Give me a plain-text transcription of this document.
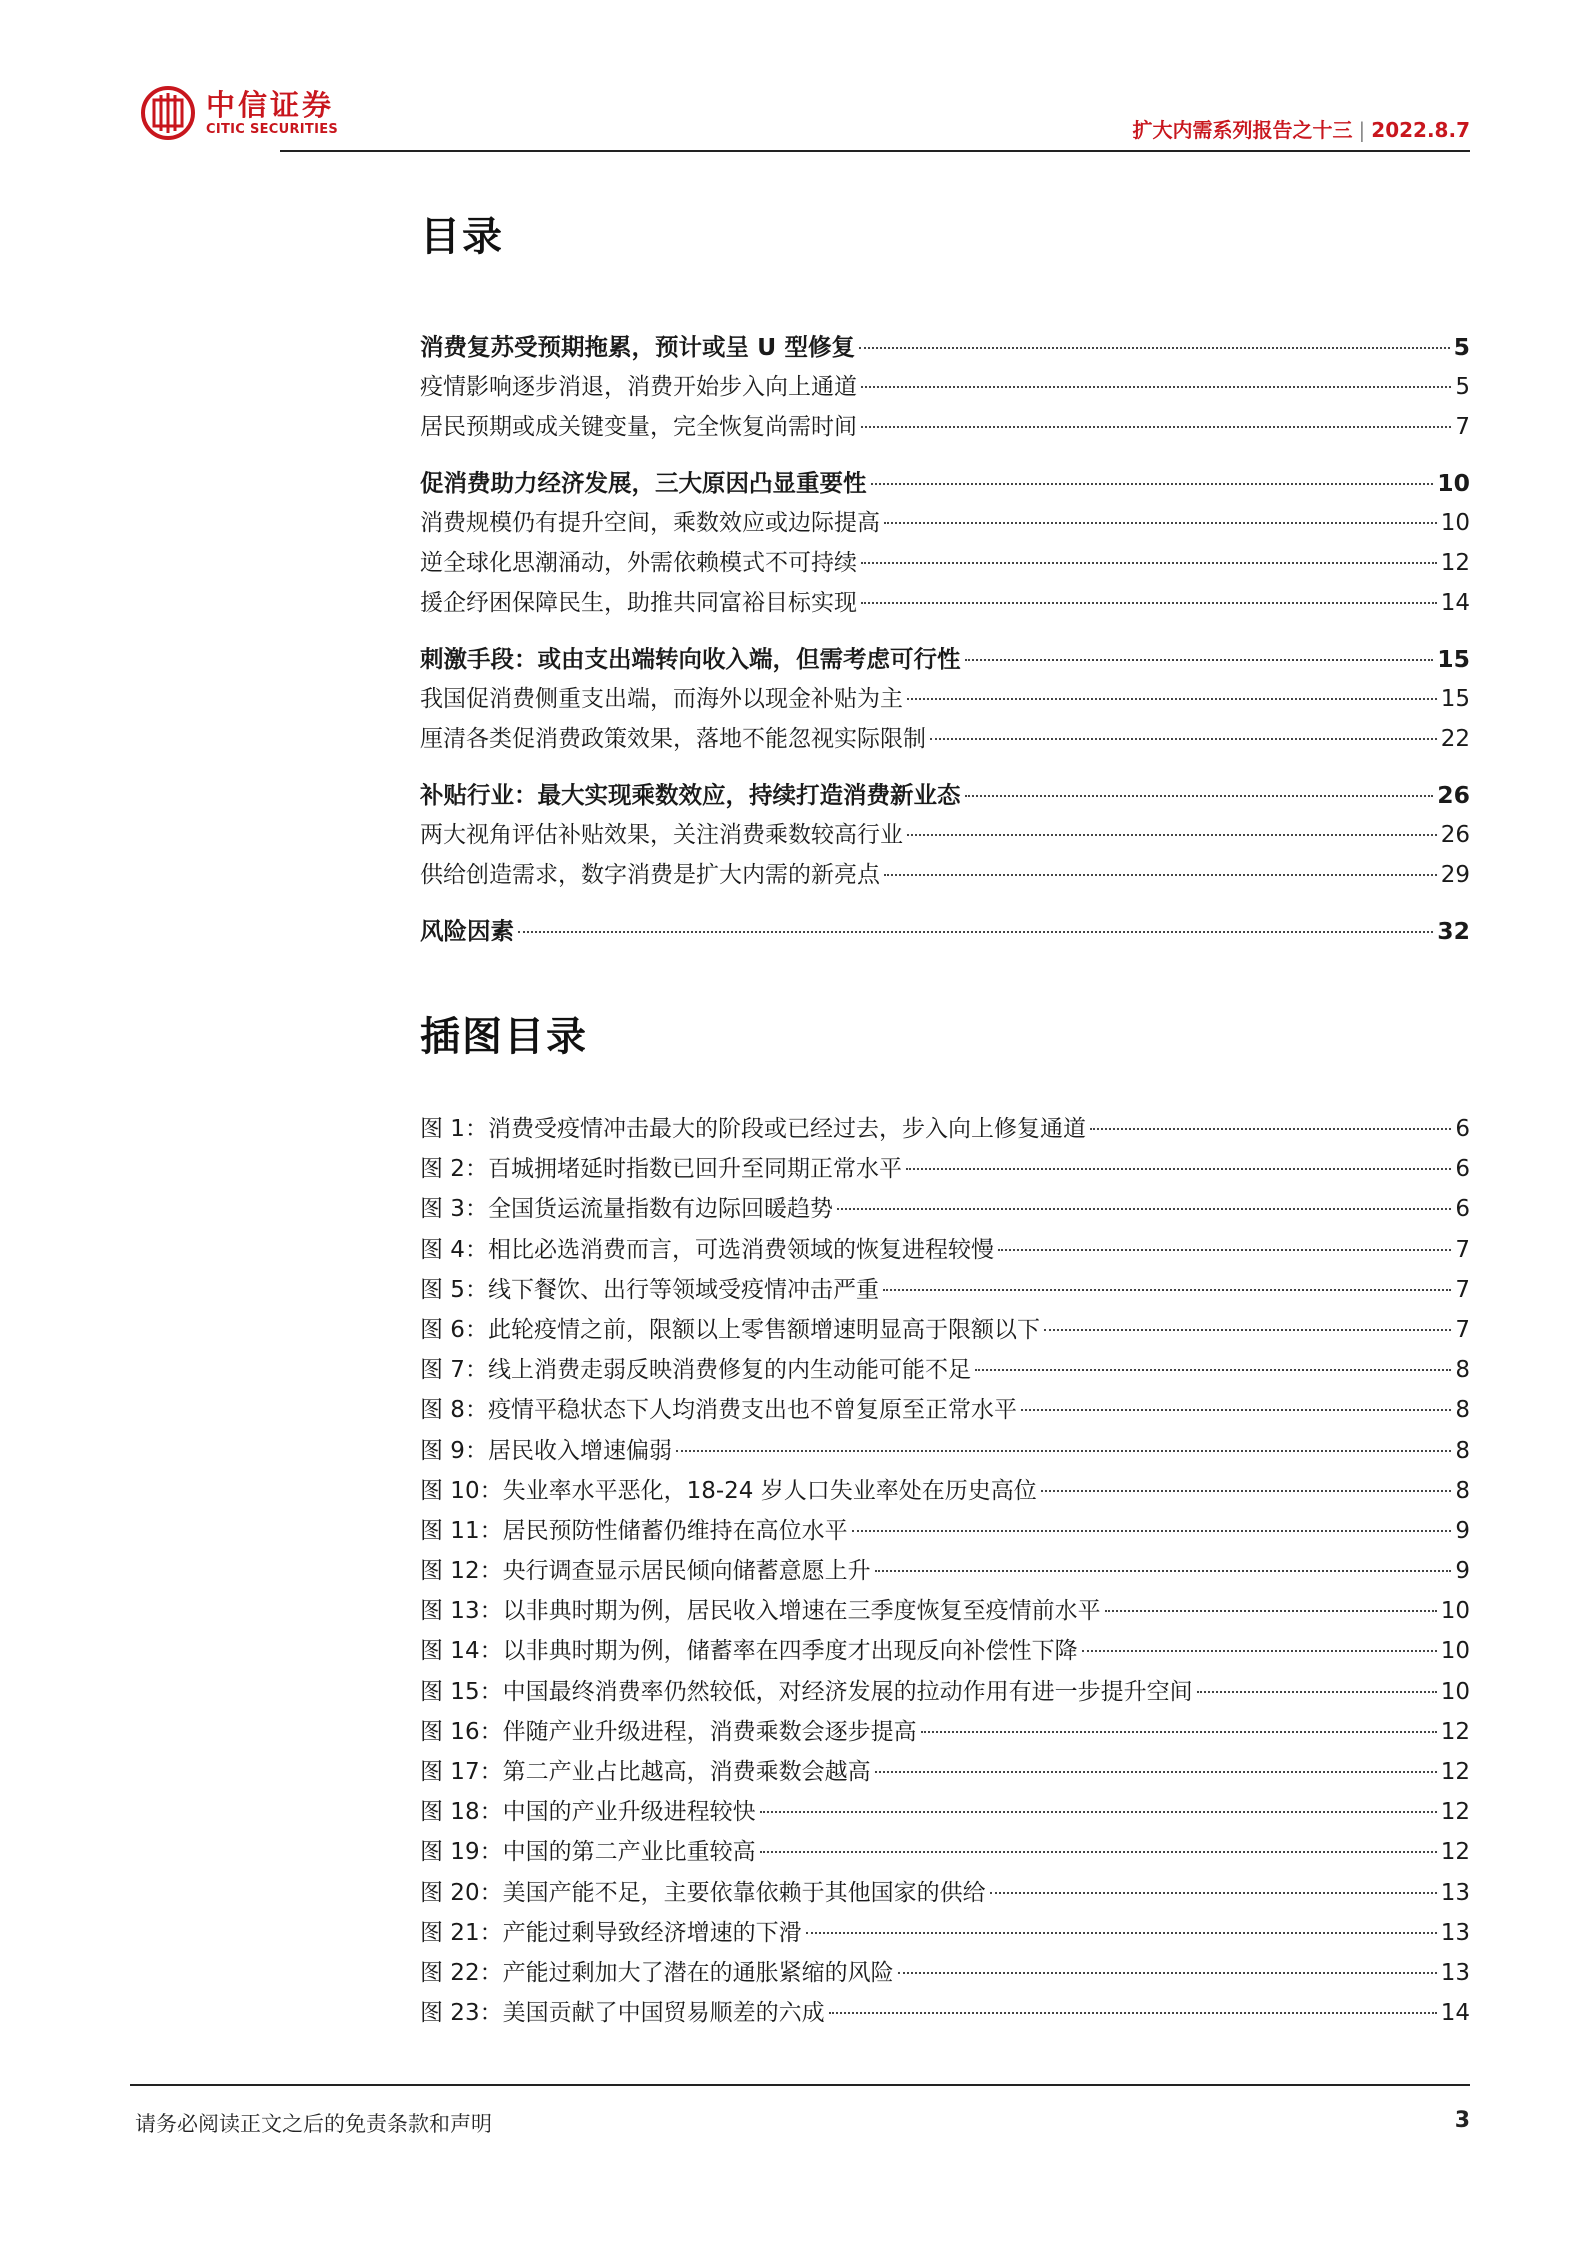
中信证券
CITIC SECURITIES	扩大内需系列报告之十三 | 2022.8.7
目录
消费复苏受预期拖累，预计或呈 U 型修复	5
疫情影响逐步消退，消费开始步入向上通道	5
居民预期或成关键变量，完全恢复尚需时间	7
促消费助力经济发展，三大原因凸显重要性	10
消费规模仍有提升空间，乘数效应或边际提高	10
逆全球化思潮涌动，外需依赖模式不可持续	12
援企纾困保障民生，助推共同富裕目标实现	14
刺激手段：或由支出端转向收入端，但需考虑可行性	15
我国促消费侧重支出端，而海外以现金补贴为主	15
厘清各类促消费政策效果，落地不能忽视实际限制	22
补贴行业：最大实现乘数效应，持续打造消费新业态	26
两大视角评估补贴效果，关注消费乘数较高行业	26
供给创造需求，数字消费是扩大内需的新亮点	29
风险因素	32
插图目录
图 1：消费受疫情冲击最大的阶段或已经过去，步入向上修复通道	6
图 2：百城拥堵延时指数已回升至同期正常水平	6
图 3：全国货运流量指数有边际回暖趋势	6
图 4：相比必选消费而言，可选消费领域的恢复进程较慢	7
图 5：线下餐饮、出行等领域受疫情冲击严重	7
图 6：此轮疫情之前，限额以上零售额增速明显高于限额以下	7
图 7：线上消费走弱反映消费修复的内生动能可能不足	8
图 8：疫情平稳状态下人均消费支出也不曾复原至正常水平	8
图 9：居民收入增速偏弱	8
图 10：失业率水平恶化，18-24 岁人口失业率处在历史高位	8
图 11：居民预防性储蓄仍维持在高位水平	9
图 12：央行调查显示居民倾向储蓄意愿上升	9
图 13：以非典时期为例，居民收入增速在三季度恢复至疫情前水平	10
图 14：以非典时期为例，储蓄率在四季度才出现反向补偿性下降	10
图 15：中国最终消费率仍然较低，对经济发展的拉动作用有进一步提升空间	10
图 16：伴随产业升级进程，消费乘数会逐步提高	12
图 17：第二产业占比越高，消费乘数会越高	12
图 18：中国的产业升级进程较快	12
图 19：中国的第二产业比重较高	12
图 20：美国产能不足，主要依靠依赖于其他国家的供给	13
图 21：产能过剩导致经济增速的下滑	13
图 22：产能过剩加大了潜在的通胀紧缩的风险	13
图 23：美国贡献了中国贸易顺差的六成	14
请务必阅读正文之后的免责条款和声明	3
